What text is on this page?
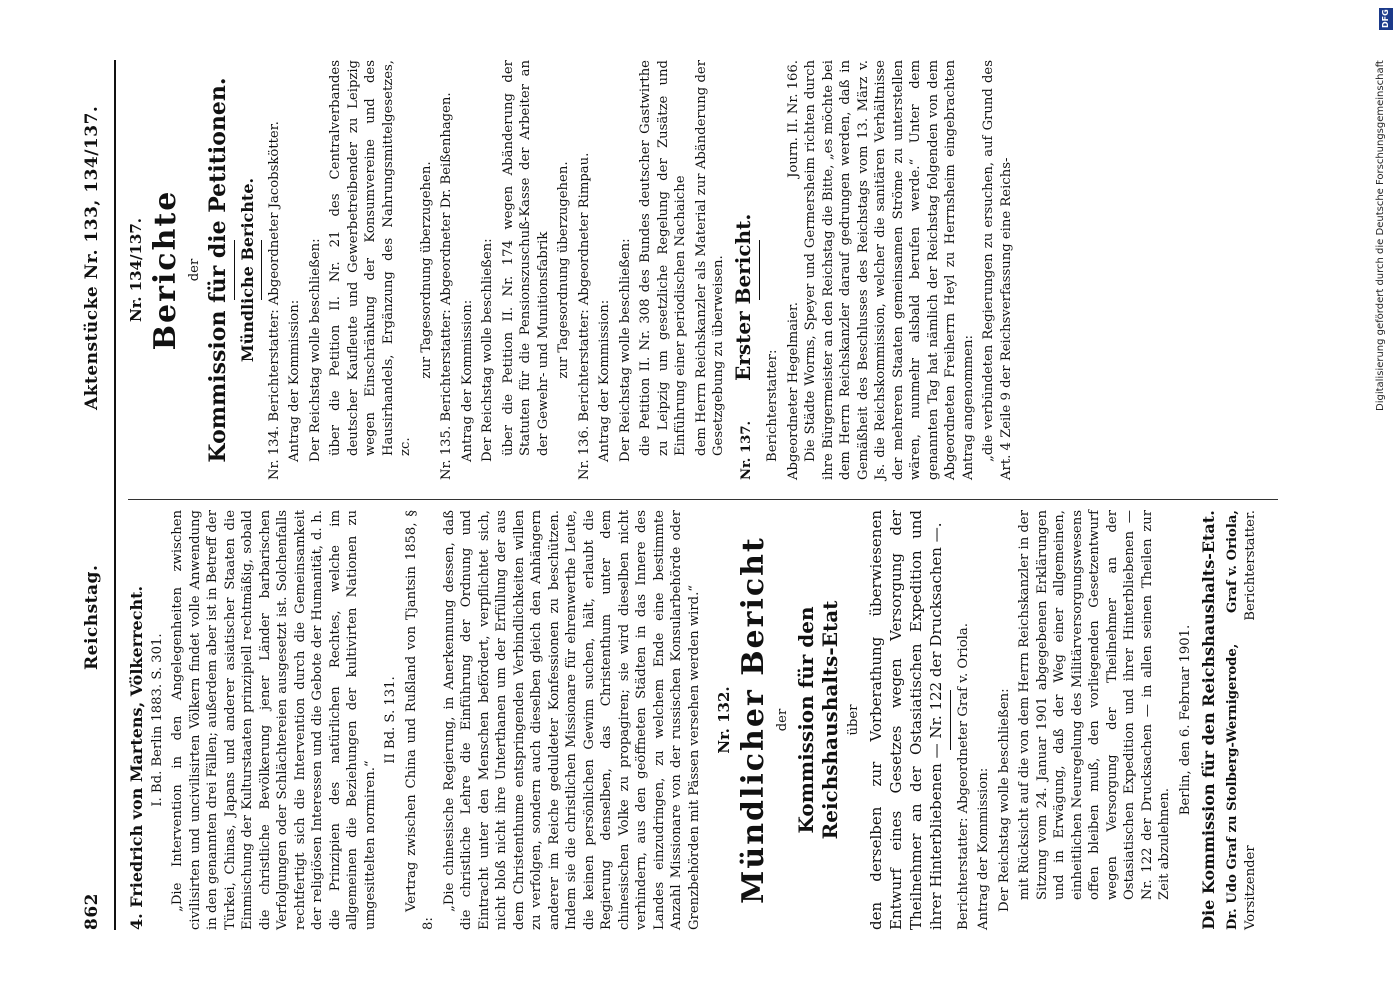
862
Reichstag.
Aktenstücke Nr. 133, 134/137.

4. Friedrich von Martens, Völkerrecht. I. Bd. Berlin 1883. S. 301. „Die Intervention in den Angelegenheiten zwischen civilisirten und uncivilisirten Völkern findet volle Anwendung in den genannten drei Fällen; außerdem aber ist in Betreff der Türkei, Chinas, Japans und anderer asiatischer Staaten die Einmischung der Kulturstaaten prinzipiell rechtmäßig, sobald die christliche Bevölkerung jener Länder barbarischen Verfolgungen oder Schlächtereien ausgesetzt ist. Solchenfalls rechtfertigt sich die Intervention durch die Gemeinsamkeit der religiösen Interessen und die Gebote der Humanität, d. h. die Prinzipien des natürlichen Rechtes, welche im allgemeinen die Beziehungen der kultivirten Nationen zu umgesittelten normiren.“

II Bd. S. 131. Vertrag zwischen China und Rußland von Tjantsin 1858, § 8:

„Die chinesische Regierung, in Anerkennung dessen, daß die christliche Lehre die Einführung der Ordnung und Eintracht unter den Menschen befördert, verpflichtet sich, nicht bloß nicht ihre Unterthanen um der Erfüllung der aus dem Christenthume entspringenden Verbindlichkeiten willen zu verfolgen, sondern auch dieselben gleich den Anhängern anderer im Reiche geduldeter Konfessionen zu beschützen. Indem sie die christlichen Missionare für ehrenwerthe Leute, die keinen persönlichen Gewinn suchen, hält, erlaubt die Regierung denselben, das Christenthum unter dem chinesischen Volke zu propagiren; sie wird dieselben nicht verhindern, aus den geöffneten Städten in das Innere des Landes einzudringen, zu welchem Ende eine bestimmte Anzahl Missionare von der russischen Konsularbehörde oder Grenzbehörden mit Pässen versehen werden wird.“ Nr. 132. Mündlicher Bericht der Kommission für den Reichshaushalts-Etat über den derselben zur Vorberathung überwiesenen Entwurf eines Gesetzes wegen Versorgung der Theilnehmer an der Ostasiatischen Expedition und ihrer Hinterbliebenen — Nr. 122 der Drucksachen —. Berichterstatter: Abgeordneter Graf v. Oriola. Antrag der Kommission: Der Reichstag wolle beschließen: mit Rücksicht auf die von dem Herrn Reichskanzler in der Sitzung vom 24. Januar 1901 abgegebenen Erklärungen und in Erwägung, daß der Weg einer allgemeinen, einheitlichen Neuregelung des Militärversorgungswesens offen bleiben muß, den vorliegenden Gesetzentwurf wegen Versorgung der Theilnehmer an der Ostasiatischen Expedition und ihrer Hinterbliebenen — Nr. 122 der Drucksachen — in allen seinen Theilen zur Zeit abzulehnen.

Berlin, den 6. Februar 1901. Die Kommission für den Reichshaushalts-Etat. Dr. Udo Graf zu Stolberg-Wernigerode, Vorsitzender
Graf v. Oriola, Berichterstatter.

Nr. 134/137. Berichte der Kommission für die Petitionen. Mündliche Berichte. Nr. 134. Berichterstatter: Abgeordneter Jacobskötter. Antrag der Kommission: Der Reichstag wolle beschließen: über die Petition II. Nr. 21 des Centralverbandes deutscher Kaufleute und Gewerbetreibender zu Leipzig wegen Einschränkung der Konsumvereine und des Hausirhandels, Ergänzung des Nahrungsmittelgesetzes, zc.

zur Tagesordnung überzugehen. Nr. 135. Berichterstatter: Abgeordneter Dr. Beißenhagen. Antrag der Kommission: Der Reichstag wolle beschließen: über die Petition II. Nr. 174 wegen Abänderung der Statuten für die Pensionszuschuß-Kasse der Arbeiter an der Gewehr- und Munitionsfabrik zur Tagesordnung überzugehen. Nr. 136. Berichterstatter: Abgeordneter Rimpau. Antrag der Kommission: Der Reichstag wolle beschließen: die Petition II. Nr. 308 des Bundes deutscher Gastwirthe zu Leipzig um gesetzliche Regelung der Zusätze und Einführung einer periodischen Nachaiche dem Herrn Reichskanzler als Material zur Abänderung der Gesetzgebung zu überweisen. Nr. 137.
Erster Bericht.

Berichterstatter: Abgeordneter Hegelmaier.
Journ. II. Nr. 166. Die Städte Worms, Speyer und Germersheim richten durch ihre Bürgermeister an den Reichstag die Bitte, „es möchte bei dem Herrn Reichskanzler darauf gedrungen werden, daß in Gemäßheit des Beschlusses des Reichstags vom 13. März v. Js. die Reichskommission, welcher die sanitären Verhältnisse der mehreren Staaten gemeinsamen Ströme zu unterstellen wären, nunmehr alsbald berufen werde.“ Unter dem genannten Tag hat nämlich der Reichstag folgenden von dem Abgeordneten Freiherrn Heyl zu Herrnsheim eingebrachten Antrag angenommen: „die verbündeten Regierungen zu ersuchen, auf Grund des Art. 4 Zeile 9 der Reichsverfassung eine Reichs-	Digitalisierung gefördert durch die Deutsche Forschungsgemeinschaft
DFG
